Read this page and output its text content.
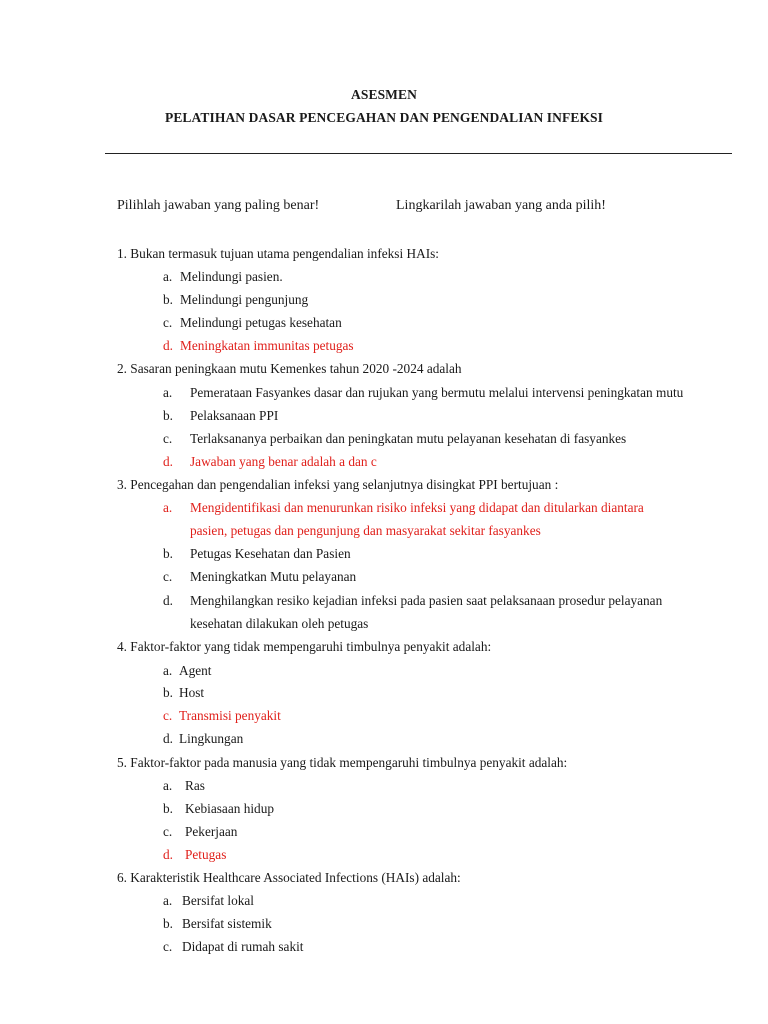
ASESMEN
PELATIHAN DASAR PENCEGAHAN DAN PENGENDALIAN INFEKSI
Pilihlah jawaban yang paling benar!	Lingkarilah jawaban yang anda pilih!
1. Bukan termasuk tujuan utama pengendalian infeksi HAIs:
a. Melindungi pasien.
b. Melindungi pengunjung
c. Melindungi petugas kesehatan
d. Meningkatan immunitas petugas
2. Sasaran peningkaan mutu Kemenkes tahun 2020 -2024 adalah
a. Pemerataan Fasyankes dasar dan rujukan yang bermutu melalui intervensi peningkatan mutu
b. Pelaksanaan PPI
c. Terlaksananya perbaikan dan peningkatan mutu pelayanan kesehatan di fasyankes
d. Jawaban yang benar adalah a dan c
3. Pencegahan dan pengendalian infeksi yang selanjutnya disingkat PPI bertujuan :
a. Mengidentifikasi dan menurunkan risiko infeksi yang didapat dan ditularkan diantara
pasien, petugas dan pengunjung dan masyarakat sekitar fasyankes
b. Petugas Kesehatan dan Pasien
c. Meningkatkan Mutu pelayanan
d. Menghilangkan resiko kejadian infeksi pada pasien saat pelaksanaan prosedur pelayanan
kesehatan dilakukan oleh petugas
4. Faktor-faktor yang tidak mempengaruhi timbulnya penyakit adalah:
a. Agent
b. Host
c. Transmisi penyakit
d. Lingkungan
5. Faktor-faktor pada manusia yang tidak mempengaruhi timbulnya penyakit adalah:
a. Ras
b. Kebiasaan hidup
c. Pekerjaan
d. Petugas
6. Karakteristik Healthcare Associated Infections (HAIs) adalah:
a. Bersifat lokal
b. Bersifat sistemik
c. Didapat di rumah sakit
